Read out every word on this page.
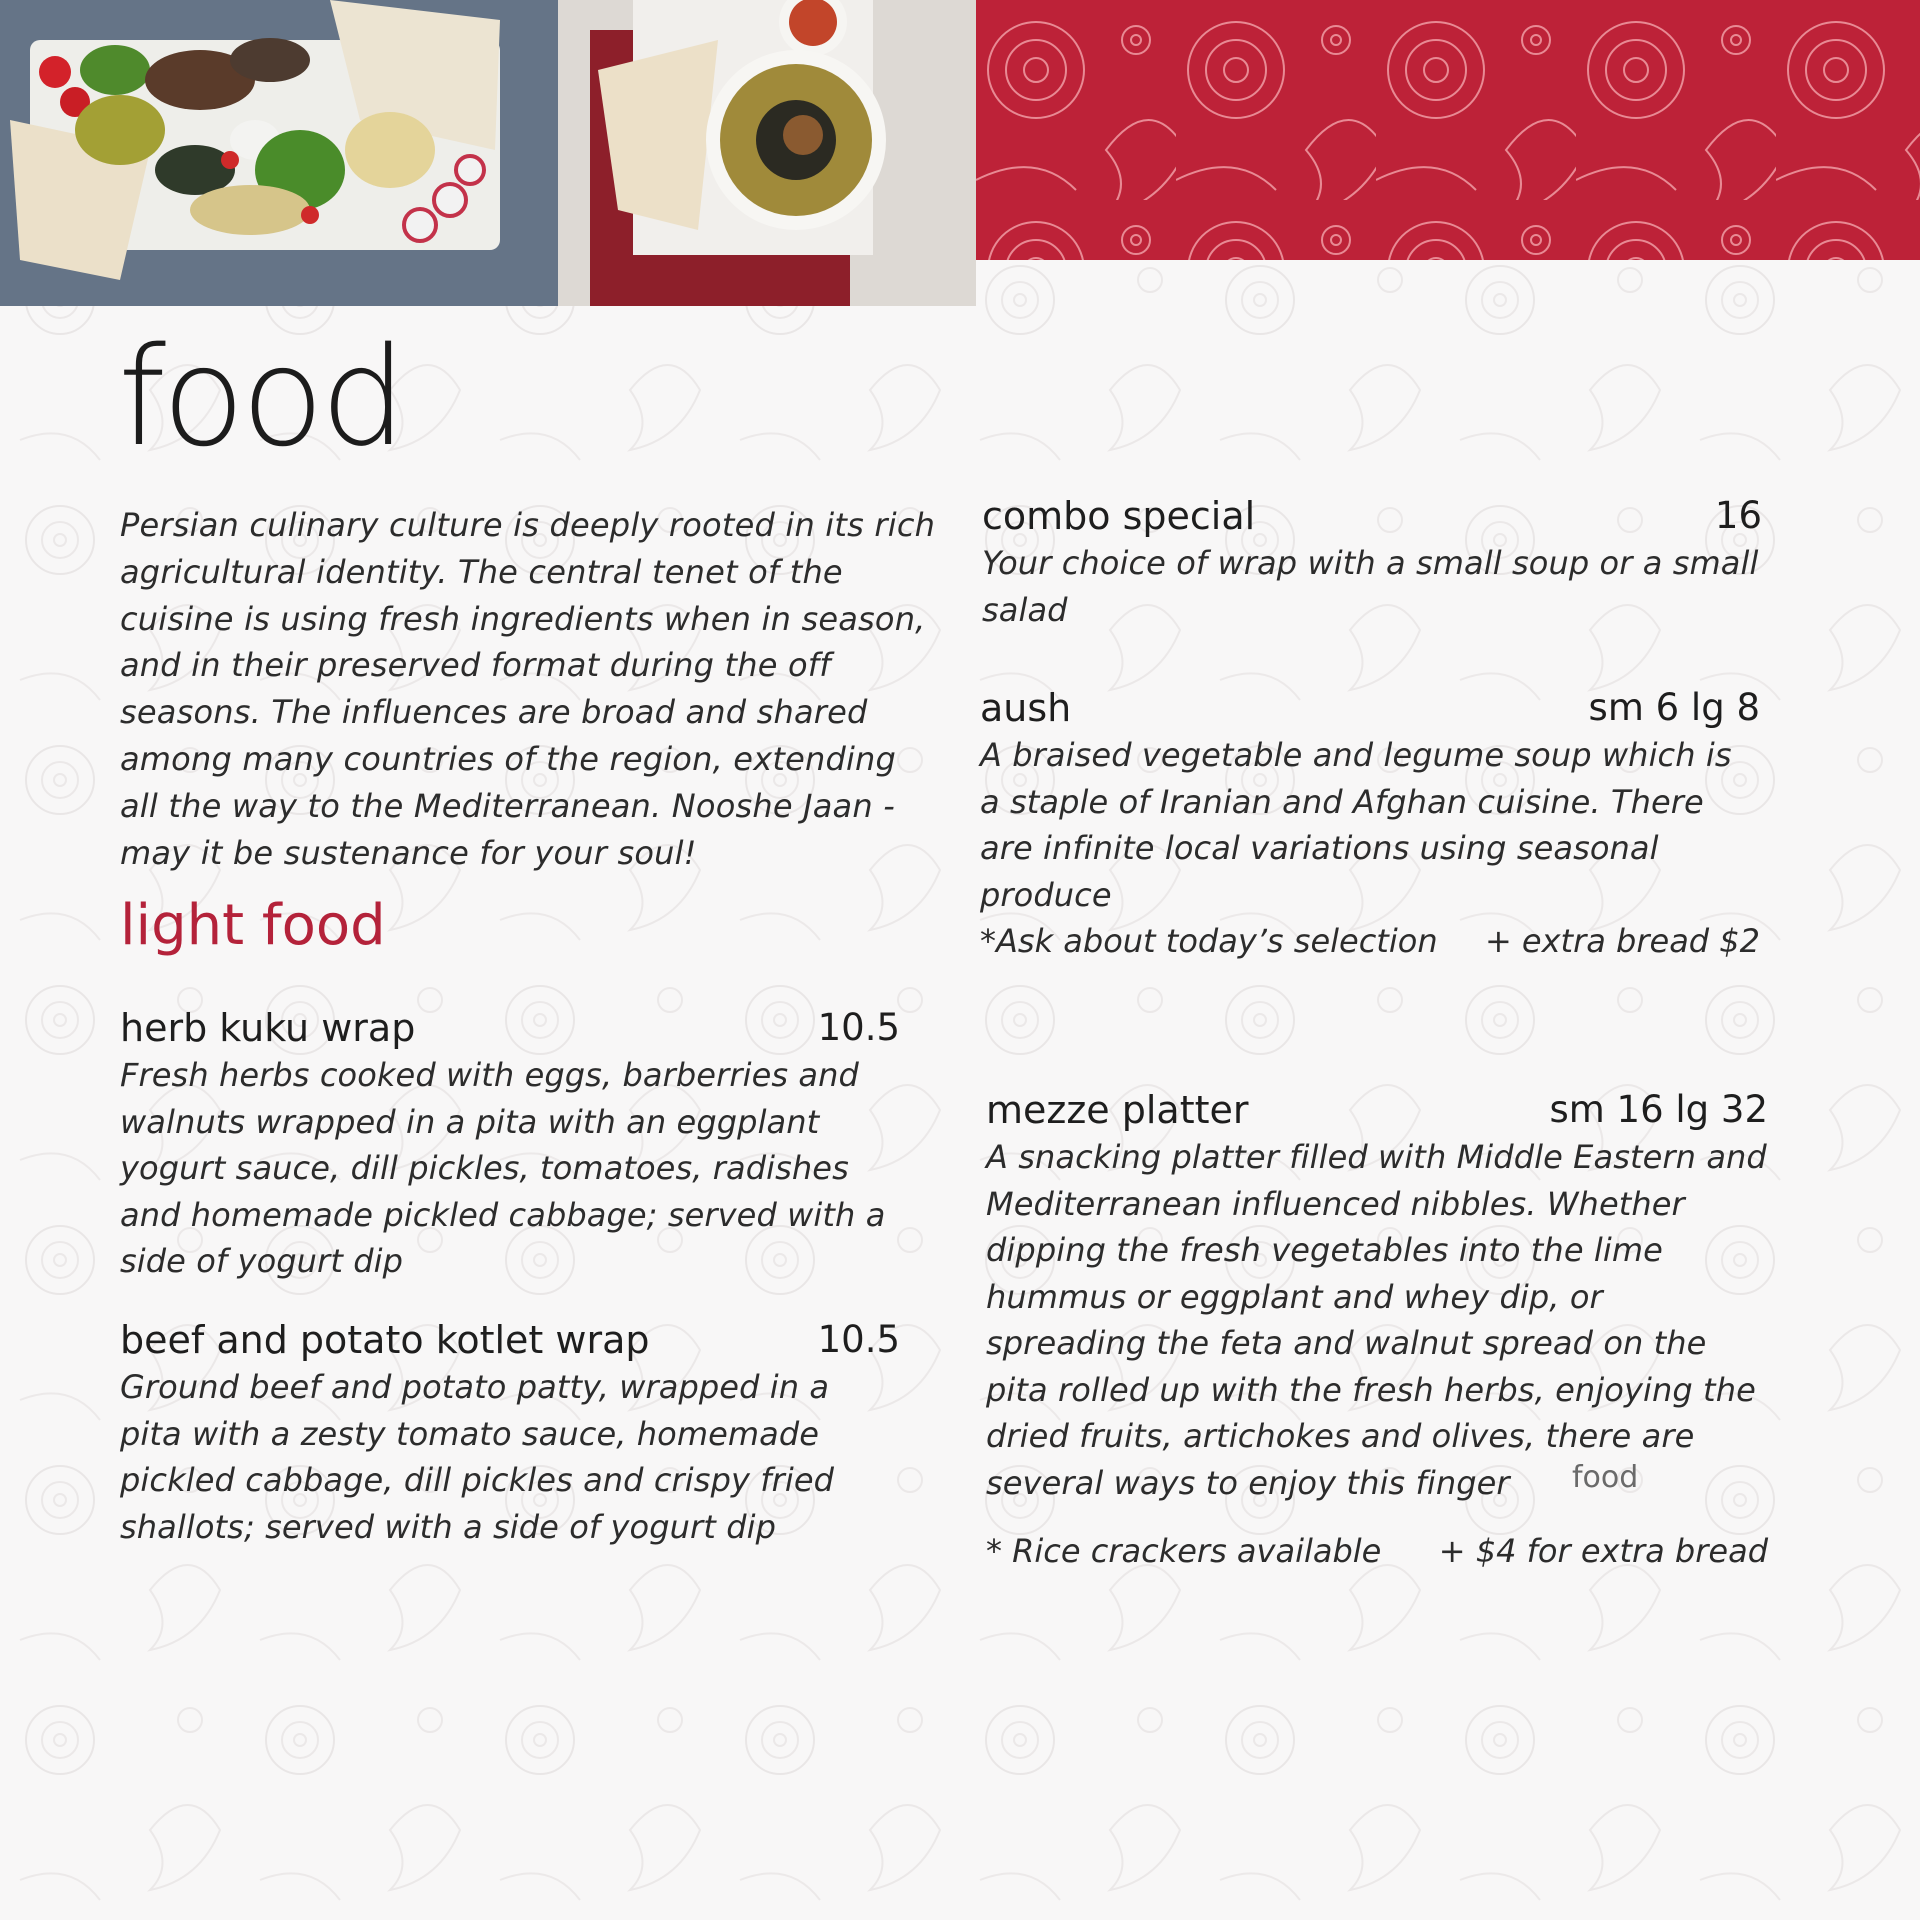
food

Persian culinary culture is deeply rooted in its rich agricultural identity. The central tenet of the cuisine is using fresh ingredients when in season, and in their preserved format during the off seasons. The influences are broad and shared among many countries of the region, extending all the way to the Mediterranean. Nooshe Jaan - may it be sustenance for your soul!

light food
herb kuku wrap	10.5

Fresh herbs cooked with eggs, barberries and walnuts wrapped in a pita with an eggplant yogurt sauce, dill pickles, tomatoes, radishes and homemade pickled cabbage; served with a side of yogurt dip

beef and potato kotlet wrap	10.5

Ground beef and potato patty, wrapped in a pita with a zesty tomato sauce, homemade pickled cabbage, dill pickles and crispy fried shallots; served with a side of yogurt dip

combo special	16

Your choice of wrap with a small soup or a small salad

aush	sm 6 lg 8

A braised vegetable and legume soup which is a staple of Iranian and Afghan cuisine. There are infinite local variations using seasonal produce

*Ask about today’s selection + extra bread $2
mezze platter	sm 16 lg 32

A snacking platter filled with Middle Eastern and Mediterranean influenced nibbles. Whether dipping the fresh vegetables into the lime hummus or eggplant and whey dip, or spreading the feta and walnut spread on the pita rolled up with the fresh herbs, enjoying the dried fruits, artichokes and olives, there are several ways to enjoy this finger

* Rice crackers available + $4 for extra bread
food
